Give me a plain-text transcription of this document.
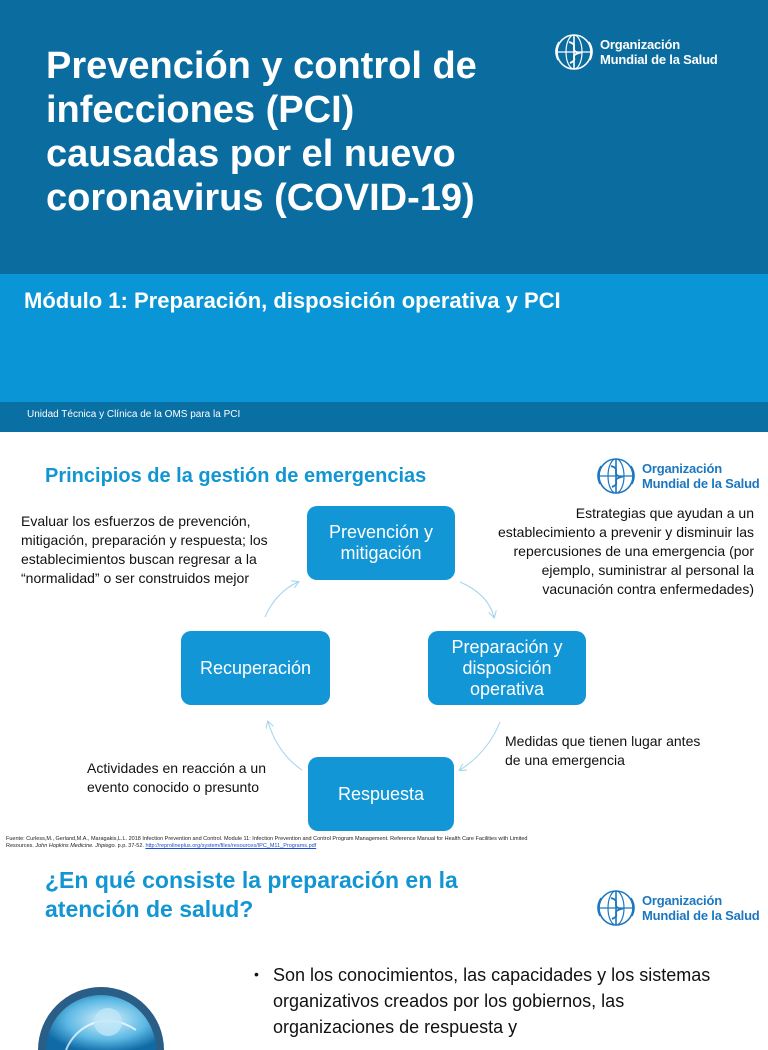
Prevención y control de infecciones (PCI) causadas por el nuevo coronavirus (COVID-19)
Organización
Mundial de la Salud
Módulo 1: Preparación, disposición operativa y PCI
Unidad Técnica y Clínica de la OMS para la PCI
Principios de la gestión de emergencias	Organización
Mundial de la Salud
Prevención y mitigación
Preparación y disposición operativa
Respuesta
Recuperación
Evaluar los esfuerzos de prevención, mitigación, preparación y respuesta; los establecimientos buscan regresar a la “normalidad” o ser construidos mejor
Estrategias que ayudan a un establecimiento a prevenir y disminuir las repercusiones de una emergencia (por ejemplo, suministrar al personal la vacunación contra enfermedades)
Medidas que tienen lugar antes de una emergencia
Actividades en reacción a un evento conocido o presunto
Fuente: Curless,M., Gerland,M.A., Maragakis,L.L. 2018 Infection Prevention and Control. Module 11: Infection Prevention and Control Program Management. Reference Manual for Health Care Facilities with Limited Resources. John Hopkins Medicine. Jhpiego. p.p. 37-52. http://reprolineplus.org/system/files/resources/IPC_M11_Programs.pdf
¿En qué consiste la preparación en la atención de salud?	Organización
Mundial de la Salud
• Son los conocimientos, las capacidades y los sistemas organizativos creados por los gobiernos, las organizaciones de respuesta y
